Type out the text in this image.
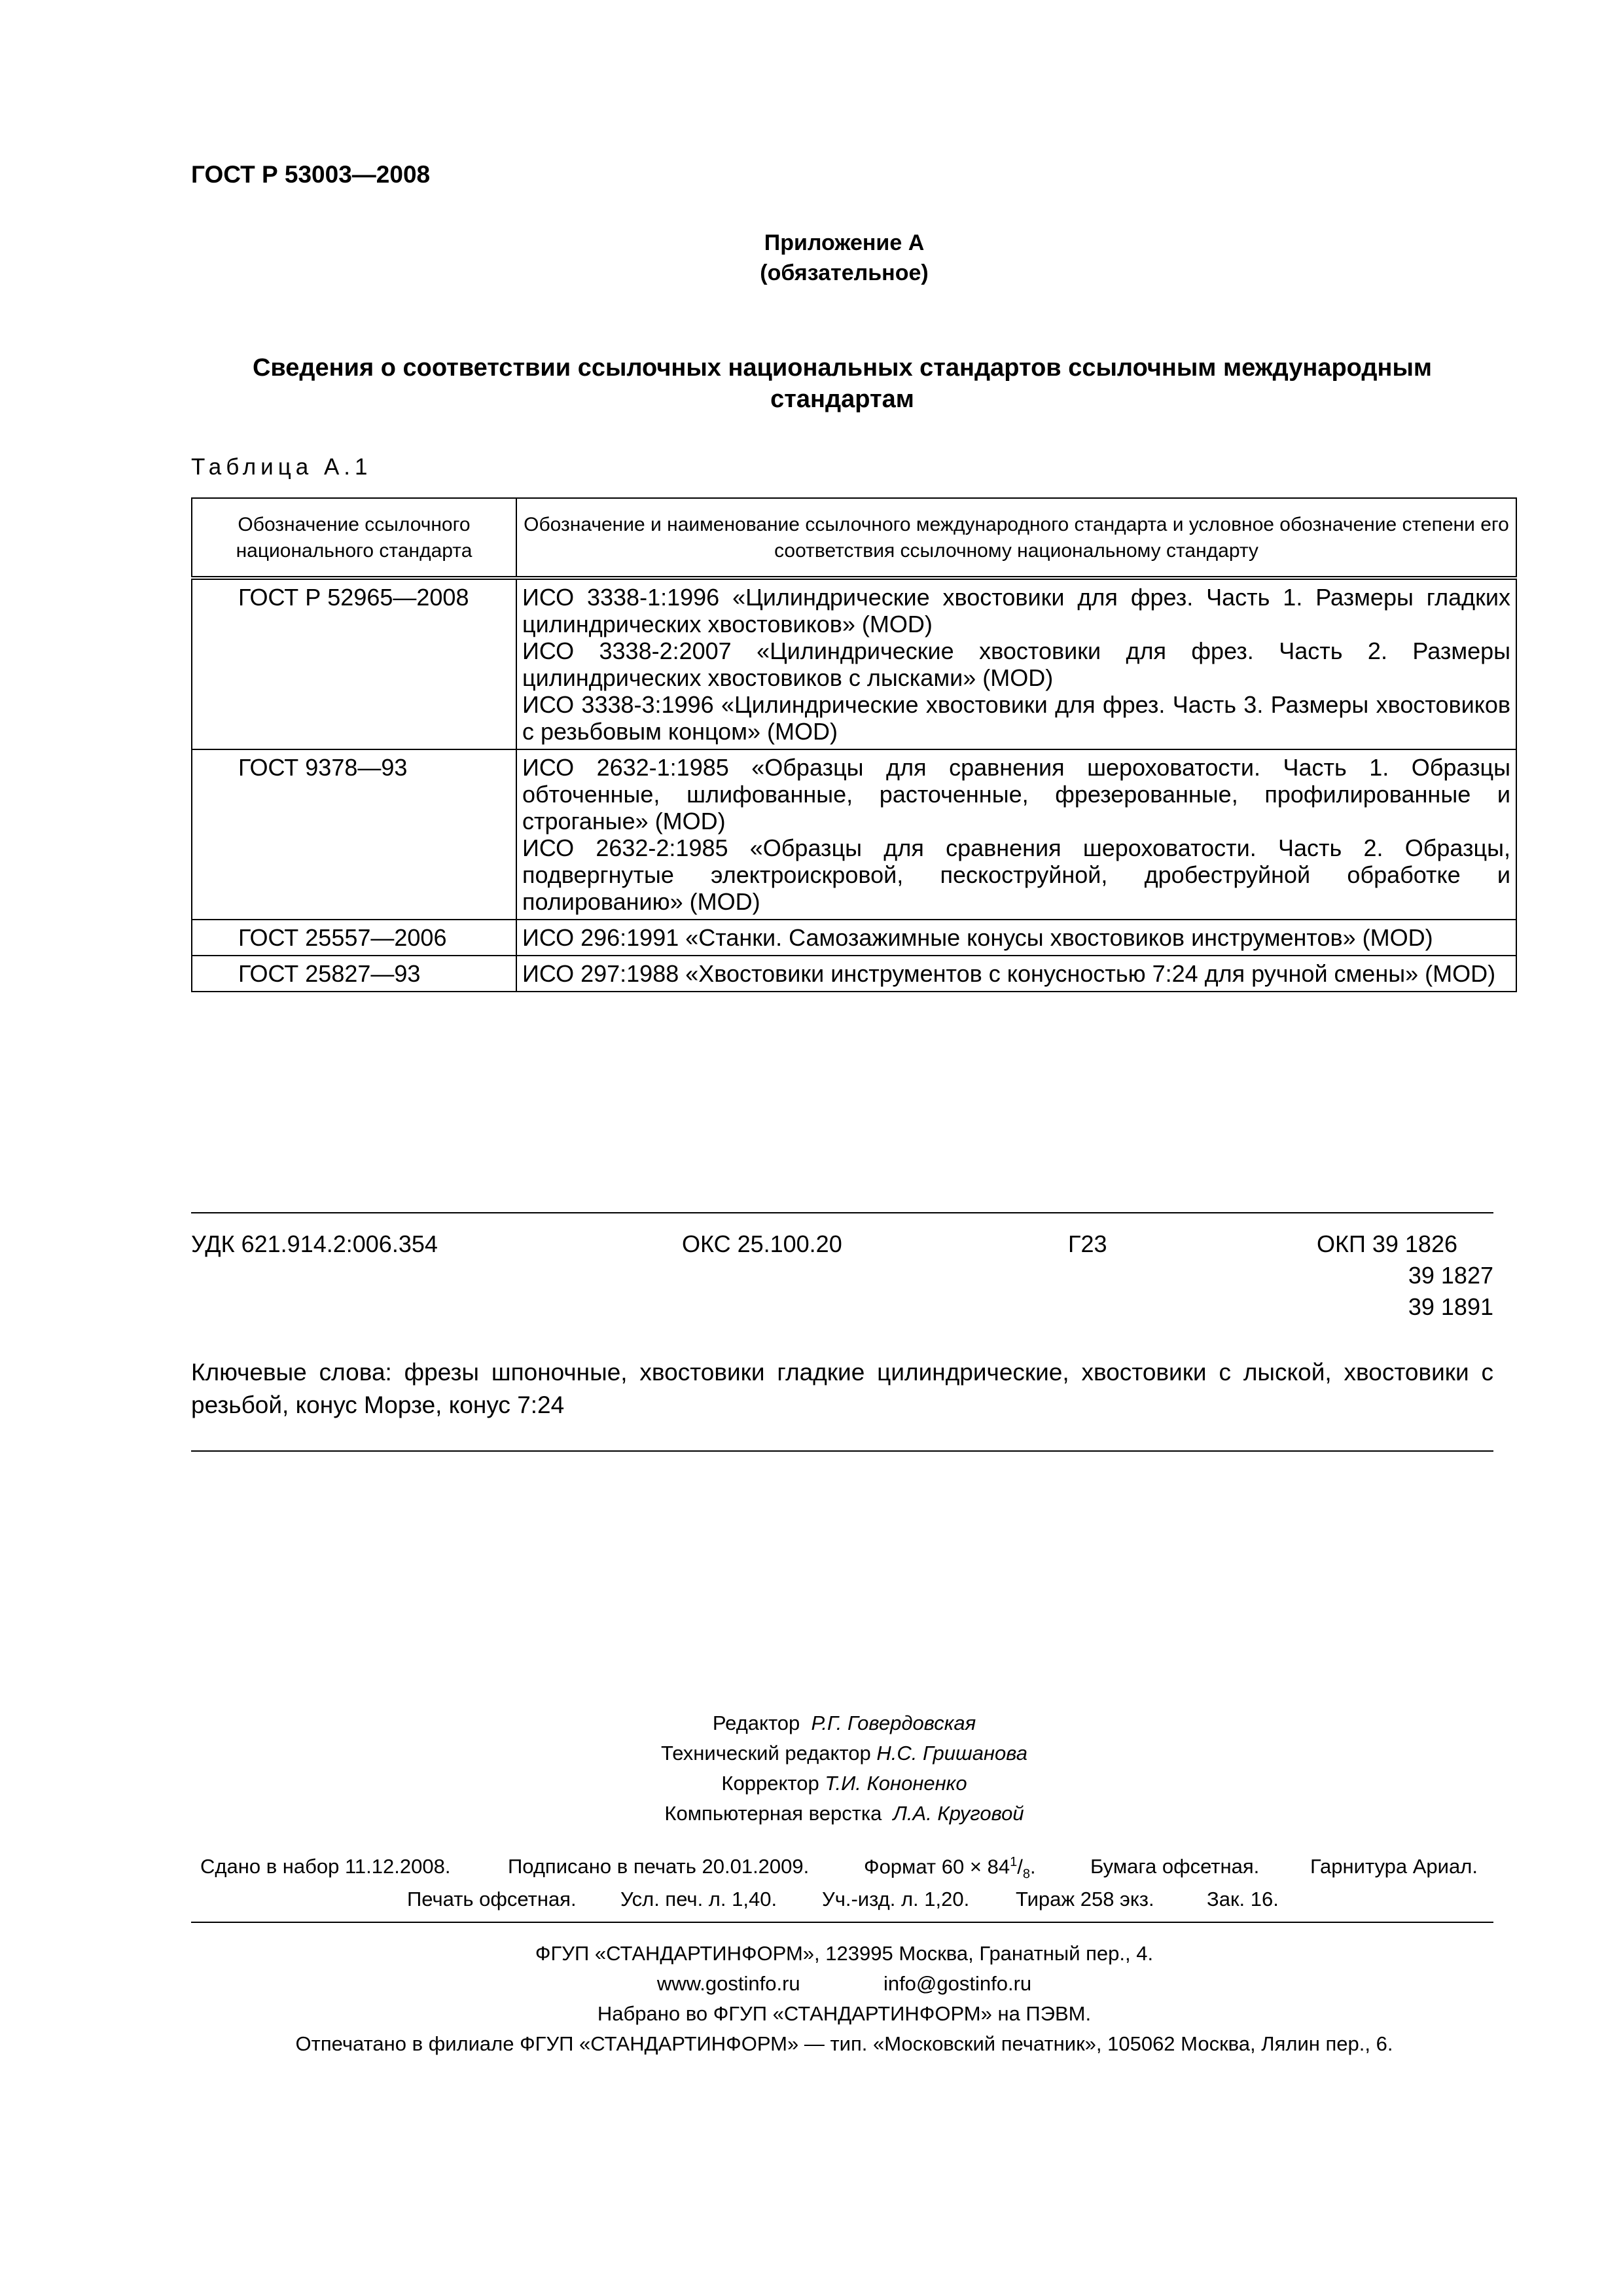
ГОСТ Р 53003—2008
Приложение А
(обязательное)
Сведения о соответствии ссылочных национальных стандартов ссылочным международным стандартам
Таблица А.1
Обозначение ссылочного национального стандарта	Обозначение и наименование ссылочного международного стандарта и условное обозначение степени его соответствия ссылочному национальному стандарту
ГОСТ Р 52965—2008	ИСО 3338-1:1996 «Цилиндрические хвостовики для фрез. Часть 1. Размеры гладких цилиндрических хвостовиков» (MOD)
ИСО 3338-2:2007 «Цилиндрические хвостовики для фрез. Часть 2. Размеры цилиндрических хвостовиков с лысками» (MOD)
ИСО 3338-3:1996 «Цилиндрические хвостовики для фрез. Часть 3. Размеры хвостовиков с резьбовым концом» (MOD)

ГОСТ 9378—93	ИСО 2632-1:1985 «Образцы для сравнения шероховатости. Часть 1. Образцы обточенные, шлифованные, расточенные, фрезерованные, профилированные и строганые» (MOD)
ИСО 2632-2:1985 «Образцы для сравнения шероховатости. Часть 2. Образцы, подвергнутые электроискровой, пескоструйной, дробеструйной обработке и полированию» (MOD)

ГОСТ 25557—2006	ИСО 296:1991 «Станки. Самозажимные конусы хвостовиков инструментов» (MOD)

ГОСТ 25827—93	ИСО 297:1988 «Хвостовики инструментов с конусностью 7:24 для ручной смены» (MOD)
УДК 621.914.2:006.354	ОКС 25.100.20	Г23	ОКП 39 1826
39 1827
39 1891
Ключевые слова: фрезы шпоночные, хвостовики гладкие цилиндрические, хвостовики с лыской, хвостовики с резьбой, конус Морзе, конус 7:24
Редактор Р.Г. Говердовская
Технический редактор Н.С. Гришанова
Корректор Т.И. Кононенко
Компьютерная верстка Л.А. Круговой
Сдано в набор 11.12.2008.	Подписано в печать 20.01.2009.	Формат $60 \times 84^1/_8$.	Бумага офсетная.	Гарнитура Ариал.
Печать офсетная. Усл. печ. л. 1,40. Уч.-изд. л. 1,20. Тираж 258 экз.	Зак. 16.
ФГУП «СТАНДАРТИНФОРМ», 123995 Москва, Гранатный пер., 4.
www.gostinfo.ru	info@gostinfo.ru
Набрано во ФГУП «СТАНДАРТИНФОРМ» на ПЭВМ.
Отпечатано в филиале ФГУП «СТАНДАРТИНФОРМ» — тип. «Московский печатник», 105062 Москва, Лялин пер., 6.
